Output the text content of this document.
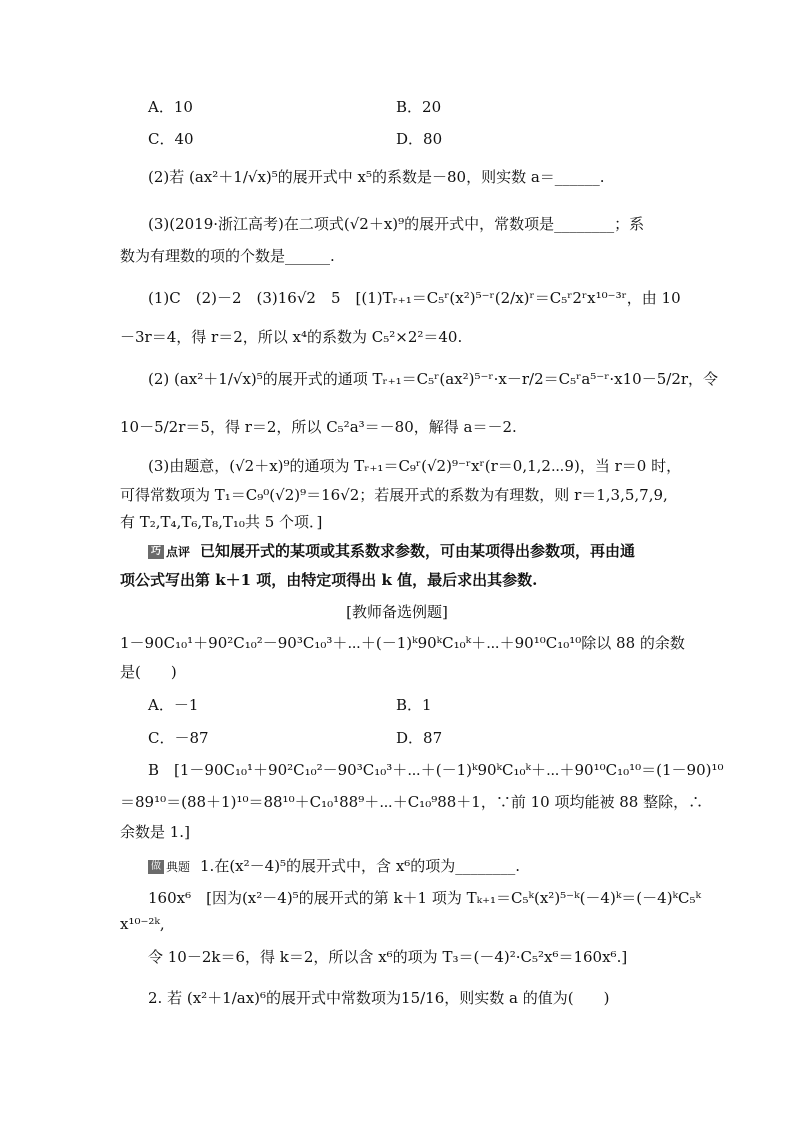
A．10	B．20
C．40	D．80
(2)若 (ax²＋1/√x)⁵的展开式中 x⁵的系数是－80，则实数 a＝______.
(3)(2019·浙江高考)在二项式(√2＋x)⁹的展开式中，常数项是________；系
数为有理数的项的个数是______.
(1)C　(2)－2　(3)16√2　5　[(1)Tᵣ₊₁＝C₅ʳ(x²)⁵⁻ʳ(2/x)ʳ＝C₅ʳ2ʳx¹⁰⁻³ʳ，由 10
－3r＝4，得 r＝2，所以 x⁴的系数为 C₅²×2²＝40.
(2) (ax²＋1/√x)⁵的展开式的通项 Tᵣ₊₁＝C₅ʳ(ax²)⁵⁻ʳ·x－r/2＝C₅ʳa⁵⁻ʳ·x10－5/2r，令
10－5/2r＝5，得 r＝2，所以 C₅²a³＝－80，解得 a＝－2.
(3)由题意，(√2＋x)⁹的通项为 Tᵣ₊₁＝C₉ʳ(√2)⁹⁻ʳxʳ(r＝0,1,2⋯9)，当 r＝0 时，
可得常数项为 T₁＝C₉⁰(√2)⁹＝16√2；若展开式的系数为有理数，则 r＝1,3,5,7,9,
有 T₂,T₄,T₆,T₈,T₁₀共 5 个项．]
巧 点评 已知展开式的某项或其系数求参数，可由某项得出参数项，再由通
项公式写出第 k＋1 项，由特定项得出 k 值，最后求出其参数.
[教师备选例题]
1－90C₁₀¹＋90²C₁₀²－90³C₁₀³＋⋯＋(－1)ᵏ90ᵏC₁₀ᵏ＋⋯＋90¹⁰C₁₀¹⁰除以 88 的余数
是(　　)
A．－1	B．1
C．－87	D．87
B　[1－90C₁₀¹＋90²C₁₀²－90³C₁₀³＋⋯＋(－1)ᵏ90ᵏC₁₀ᵏ＋⋯＋90¹⁰C₁₀¹⁰＝(1－90)¹⁰
＝89¹⁰＝(88＋1)¹⁰＝88¹⁰＋C₁₀¹88⁹＋⋯＋C₁₀⁹88＋1，∵前 10 项均能被 88 整除，∴
余数是 1.]
做 典题 1.在(x²－4)⁵的展开式中，含 x⁶的项为________.
160x⁶　[因为(x²－4)⁵的展开式的第 k＋1 项为 Tₖ₊₁＝C₅ᵏ(x²)⁵⁻ᵏ(－4)ᵏ＝(－4)ᵏC₅ᵏ
x¹⁰⁻²ᵏ,
令 10－2k＝6，得 k＝2，所以含 x⁶的项为 T₃＝(－4)²·C₅²x⁶＝160x⁶.]
2. 若 (x²＋1/ax)⁶的展开式中常数项为15/16，则实数 a 的值为(　　)
